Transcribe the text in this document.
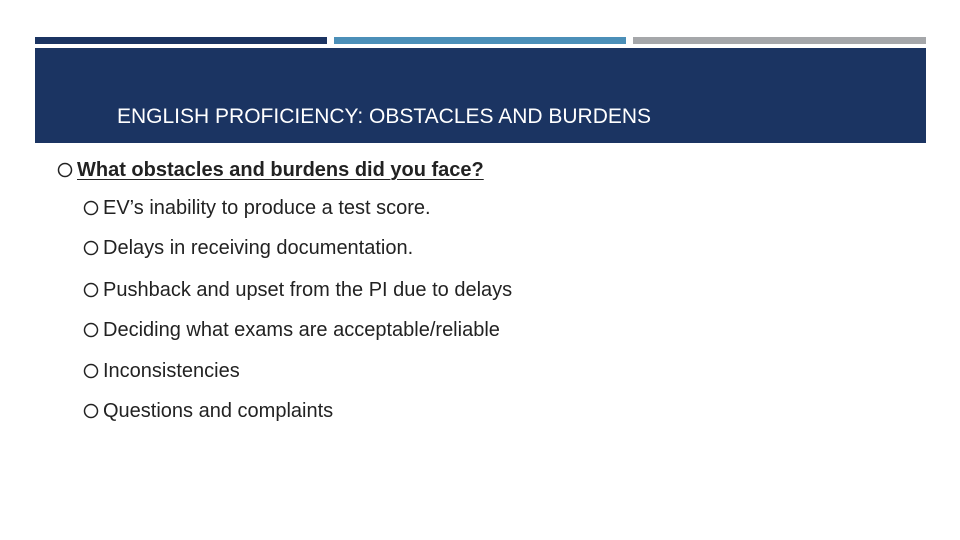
ENGLISH PROFICIENCY: OBSTACLES AND BURDENS
What obstacles and burdens did you face?
EV’s inability to produce a test score.
Delays in receiving documentation.
Pushback and upset from the PI due to delays
Deciding what exams are acceptable/reliable
Inconsistencies
Questions and complaints
